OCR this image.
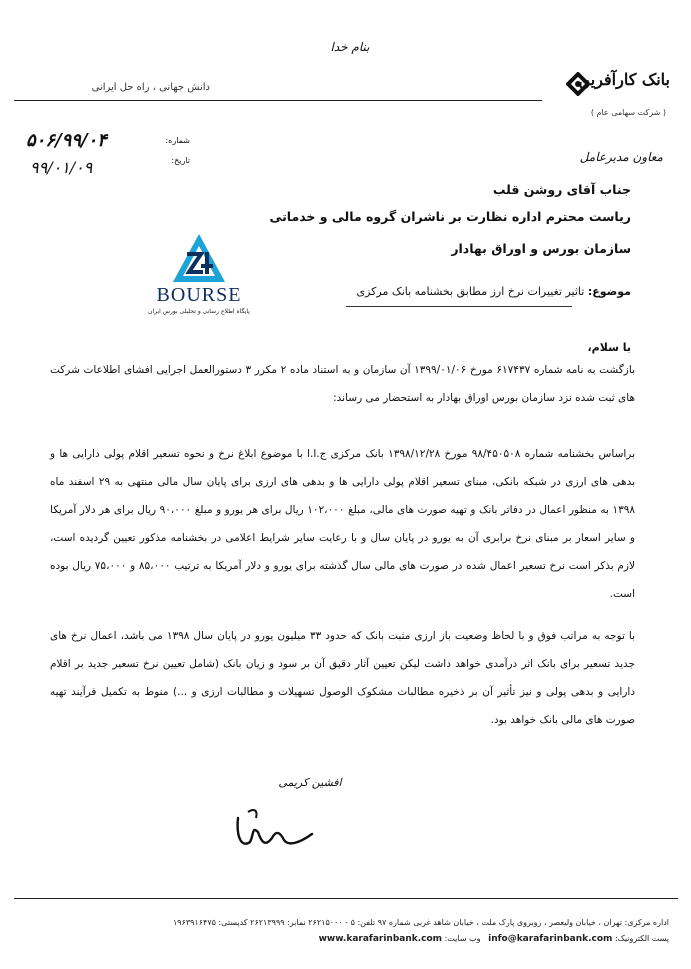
بنام خدا
بانک کارآفرین
( شرکت سهامی عام )
دانش جهانی ، راه حل ایرانی
۵۰۶/۹۹/۰۴
۹۹/۰۱/۰۹
شماره:
تاریخ:	معاون مدیرعامل
جناب آقای روشن قلب
ریاست محترم اداره نظارت بر ناشران گروه مالی و خدماتی
سازمان بورس و اوراق بهادار
BOURSE
پایگاه اطلاع رسانی و تحلیلی بورس ایران
موضوع: تاثیر تغییرات نرخ ارز مطابق بخشنامه بانک مرکزی
با سلام،
بازگشت به نامه شماره ۶۱۷۴۳۷ مورخ ۱۳۹۹/۰۱/۰۶ آن سازمان و به استناد ماده ۲ مکرر ۳ دستورالعمل اجرایی افشای اطلاعات شرکت های ثبت شده نزد سازمان بورس اوراق بهادار به استحضار می رساند:
براساس بخشنامه شماره ۹۸/۴۵۰۵۰۸ مورخ ۱۳۹۸/۱۲/۲۸ بانک مرکزی ج.ا.ا با موضوع ابلاغ نرخ و نحوه تسعیر اقلام پولی دارایی ها و بدهی های ارزی در شبکه بانکی، مبنای تسعیر اقلام پولی دارایی ها و بدهی های ارزی برای پایان سال مالی منتهی به ۲۹ اسفند ماه ۱۳۹۸ به منظور اعمال در دفاتر بانک و تهیه صورت های مالی، مبلغ ۱۰۲،۰۰۰ ریال برای هر یورو و مبلغ ۹۰،۰۰۰ ریال برای هر دلار آمریکا و سایر اسعار بر مبنای نرخ برابری آن به یورو در پایان سال و با رعایت سایر شرایط اعلامی در بخشنامه مذکور تعیین گردیده است، لازم بذکر است نرخ تسعیر اعمال شده در صورت های مالی سال گذشته برای یورو و دلار آمریکا به ترتیب ۸۵،۰۰۰ و ۷۵،۰۰۰ ریال بوده است.
با توجه به مراتب فوق و با لحاظ وضعیت باز ارزی مثبت بانک که حدود ۳۳ میلیون یورو در پایان سال ۱۳۹۸ می باشد، اعمال نرخ های جدید تسعیر برای بانک اثر درآمدی خواهد داشت لیکن تعیین آثار دقیق آن بر سود و زیان بانک (شامل تعیین نرخ تسعیر جدید بر اقلام دارایی و بدهی پولی و نیز تأثیر آن بر ذخیره مطالبات مشکوک الوصول تسهیلات و مطالبات ارزی و ...) منوط به تکمیل فرآیند تهیه صورت های مالی بانک خواهد بود.
افشین کریمی
اداره مرکزی: تهران ، خیابان ولیعصر ، روبروی پارک ملت ، خیابان شاهد غربی شماره ۹۷ تلفن: ۵ - ۲۶۲۱۵۰۰۰ نمابر: ۲۶۲۱۳۹۹۹ کدپستی: ۱۹۶۳۹۱۶۴۷۵
پست الکترونیک: info@karafarinbank.com   وب سایت: www.karafarinbank.com
